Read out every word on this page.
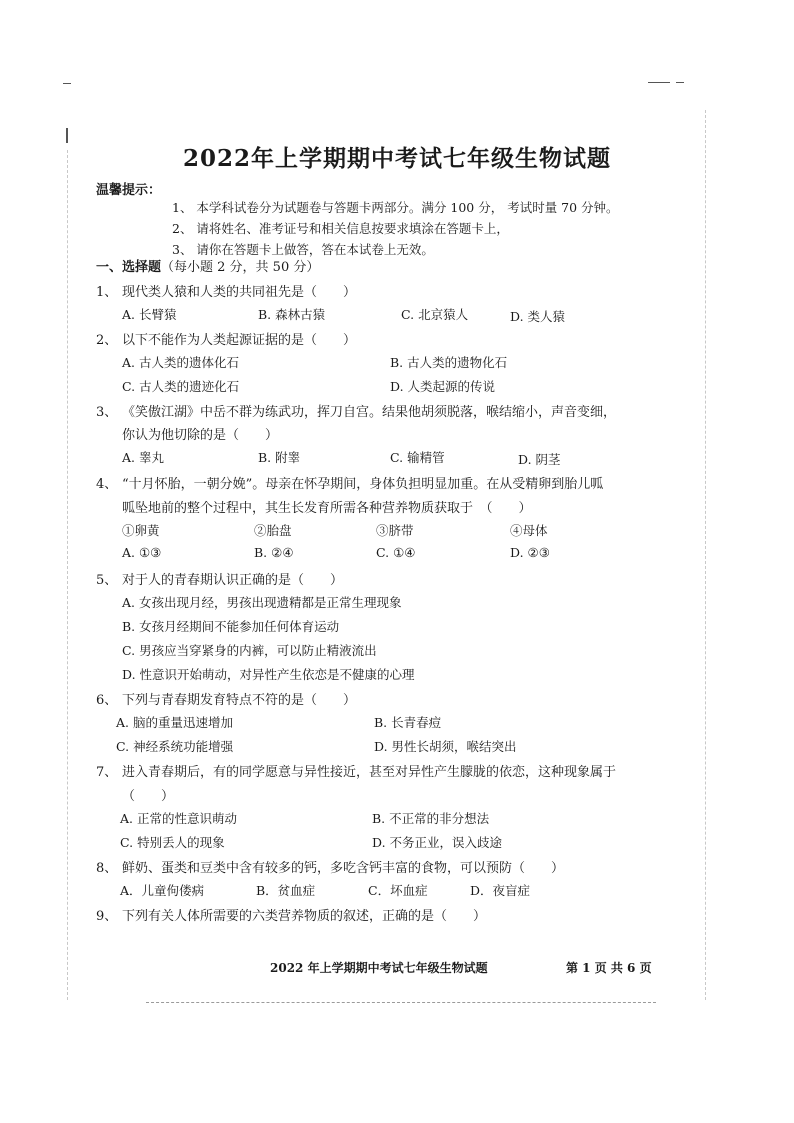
2022年上学期期中考试七年级生物试题
温馨提示：
1、 本学科试卷分为试题卷与答题卡两部分。满分 100 分， 考试时量 70 分钟。
2、 请将姓名、准考证号和相关信息按要求填涂在答题卡上，
3、 请你在答题卡上做答，答在本试卷上无效。
一、选择题（每小题 2 分，共 50 分）
1、 现代类人猿和人类的共同祖先是（　　）
A. 长臂猿	B. 森林古猿	C. 北京猿人	D. 类人猿
2、 以下不能作为人类起源证据的是（　　）
A. 古人类的遗体化石	B. 古人类的遗物化石
C. 古人类的遗迹化石	D. 人类起源的传说
3、 《笑傲江湖》中岳不群为练武功，挥刀自宫。结果他胡须脱落，喉结缩小，声音变细，
你认为他切除的是（　　）
A. 睾丸	B. 附睾	C. 输精管	D. 阴茎
4、 “十月怀胎，一朝分娩”。母亲在怀孕期间，身体负担明显加重。在从受精卵到胎儿呱
呱坠地前的整个过程中，其生长发育所需各种营养物质获取于　（　　）
①卵黄	②胎盘	③脐带	④母体
A. ①③	B. ②④	C. ①④	D. ②③
5、 对于人的青春期认识正确的是（　　）
A. 女孩出现月经，男孩出现遗精都是正常生理现象
B. 女孩月经期间不能参加任何体育运动
C. 男孩应当穿紧身的内裤，可以防止精液流出
D. 性意识开始萌动，对异性产生依恋是不健康的心理
6、 下列与青春期发育特点不符的是（　　）
A. 脑的重量迅速增加	B. 长青春痘
C. 神经系统功能增强	D. 男性长胡须，喉结突出
7、 进入青春期后，有的同学愿意与异性接近，甚至对异性产生朦胧的依恋，这种现象属于
（　　）
A. 正常的性意识萌动	B. 不正常的非分想法
C. 特别丢人的现象	D. 不务正业，误入歧途
8、 鲜奶、蛋类和豆类中含有较多的钙，多吃含钙丰富的食物，可以预防（　　）
A．儿童佝偻病	B．贫血症	C．坏血症	D．夜盲症
9、 下列有关人体所需要的六类营养物质的叙述，正确的是（　　）
2022 年上学期期中考试七年级生物试题	第 1 页 共 6 页
